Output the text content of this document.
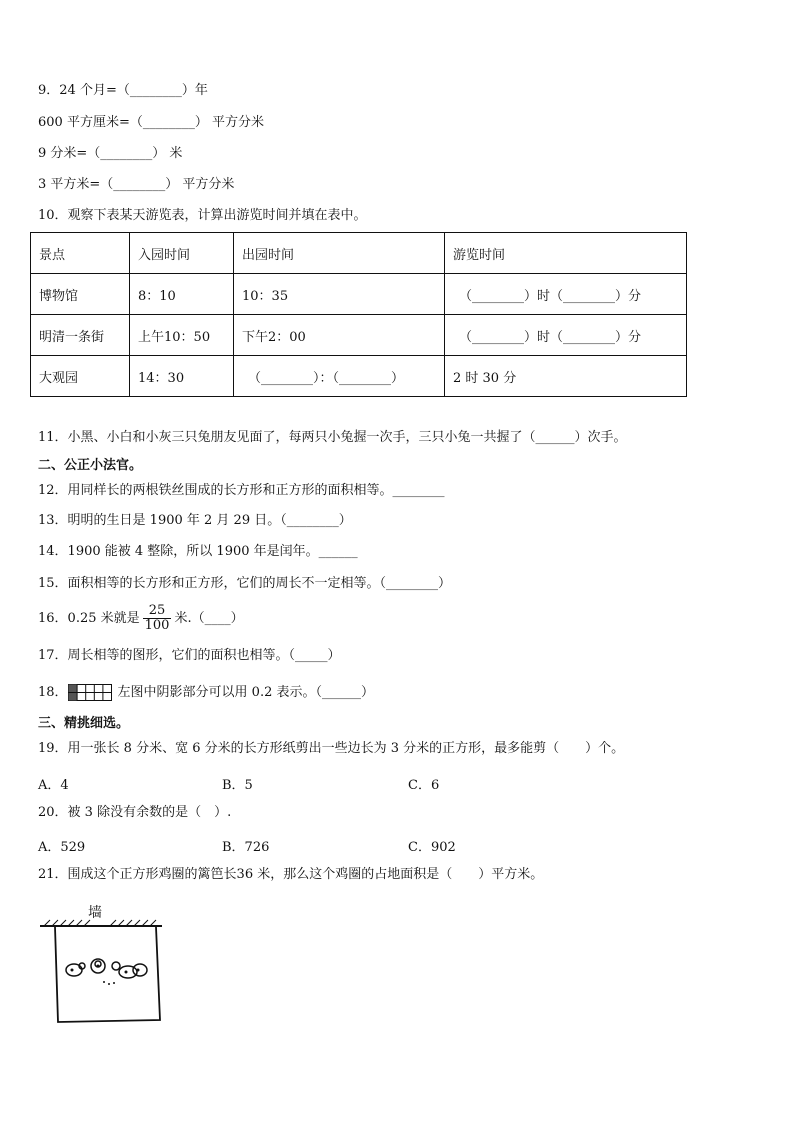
9．24 个月=（________）年
600 平方厘米=（________） 平方分米
9 分米=（________） 米
3 平方米=（________） 平方分米
10．观察下表某天游览表，计算出游览时间并填在表中。
景点	入园时间	出园时间	游览时间
博物馆	8：10	10：35	（________）时（________）分
明清一条街	上午10：50	下午2：00	（________）时（________）分
大观园	14：30	（________）：（________）	2 时 30 分
11．小黑、小白和小灰三只兔朋友见面了，每两只小兔握一次手，三只小兔一共握了（______）次手。
二、公正小法官。
12．用同样长的两根铁丝围成的长方形和正方形的面积相等。________
13．明明的生日是 1900 年 2 月 29 日。（________）
14．1900 能被 4 整除，所以 1900 年是闰年。______
15．面积相等的长方形和正方形，它们的周长不一定相等。（________）
16．0.25 米就是 $\frac{25}{100}$ 米.（____）
17．周长相等的图形，它们的面积也相等。（_____）
18．	左图中阴影部分可以用 0.2 表示。（______）
三、精挑细选。
19．用一张长 8 分米、宽 6 分米的长方形纸剪出一些边长为 3 分米的正方形，最多能剪（　　）个。
A．4	B．5	C．6
20．被 3 除没有余数的是（　）.
A．529	B．726	C．902
21．围成这个正方形鸡圈的篱笆长36 米，那么这个鸡圈的占地面积是（　　）平方米。
墙
